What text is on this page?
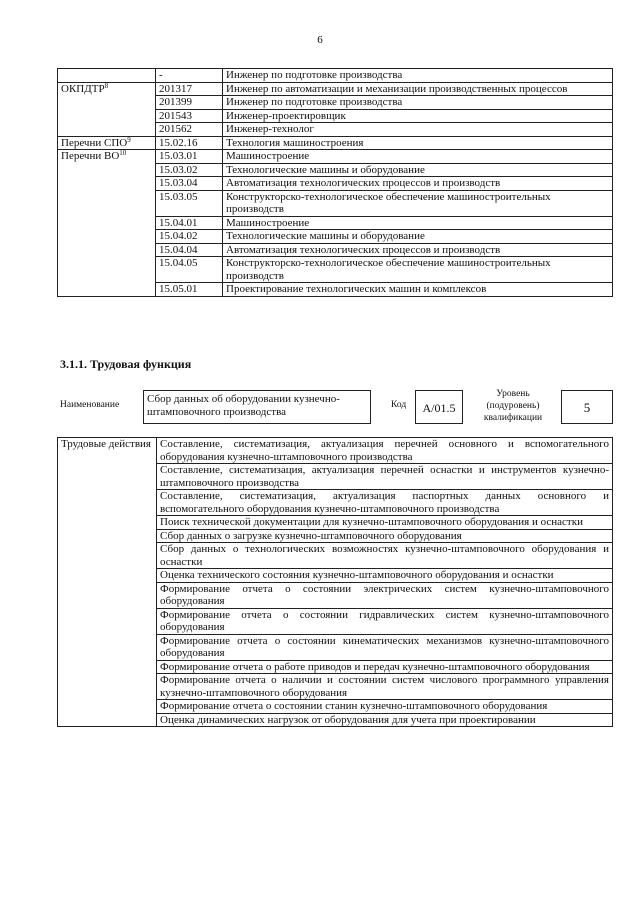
6
	-	Инженер по подготовке производства
ОКПДТР$^8$	201317	Инженер по автоматизации и механизации производственных процессов
	201399	Инженер по подготовке производства
	201543	Инженер-проектировщик
	201562	Инженер-технолог
Перечни СПО$^9$	15.02.16	Технология машиностроения
Перечни ВО$^{10}$	15.03.01	Машиностроение
	15.03.02	Технологические машины и оборудование
	15.03.04	Автоматизация технологических процессов и производств
	15.03.05	Конструкторско-технологическое обеспечение машиностроительных производств
	15.04.01	Машиностроение
	15.04.02	Технологические машины и оборудование
	15.04.04	Автоматизация технологических процессов и производств
	15.04.05	Конструкторско-технологическое обеспечение машиностроительных производств
	15.05.01	Проектирование технологических машин и комплексов
3.1.1. Трудовая функция
Наименование	Сбор данных об оборудовании кузнечно-штамповочного производства
Код	А/01.5
Уровень (подуровень) квалификации
5
Трудовые действия	Составление, систематизация, актуализация перечней основного и вспомогательного оборудования кузнечно-штамповочного производства
Составление, систематизация, актуализация перечней оснастки и инструментов кузнечно-штамповочного производства
Составление, систематизация, актуализация паспортных данных основного и вспомогательного оборудования кузнечно-штамповочного производства
Поиск технической документации для кузнечно-штамповочного оборудования и оснастки
Сбор данных о загрузке кузнечно-штамповочного оборудования
Сбор данных о технологических возможностях кузнечно-штамповочного оборудования и оснастки
Оценка технического состояния кузнечно-штамповочного оборудования и оснастки
Формирование отчета о состоянии электрических систем кузнечно-штамповочного оборудования
Формирование отчета о состоянии гидравлических систем кузнечно-штамповочного оборудования
Формирование отчета о состоянии кинематических механизмов кузнечно-штамповочного оборудования
Формирование отчета о работе приводов и передач кузнечно-штамповочного оборудования
Формирование отчета о наличии и состоянии систем числового программного управления кузнечно-штамповочного оборудования
Формирование отчета о состоянии станин кузнечно-штамповочного оборудования
Оценка динамических нагрузок от оборудования для учета при проектировании
